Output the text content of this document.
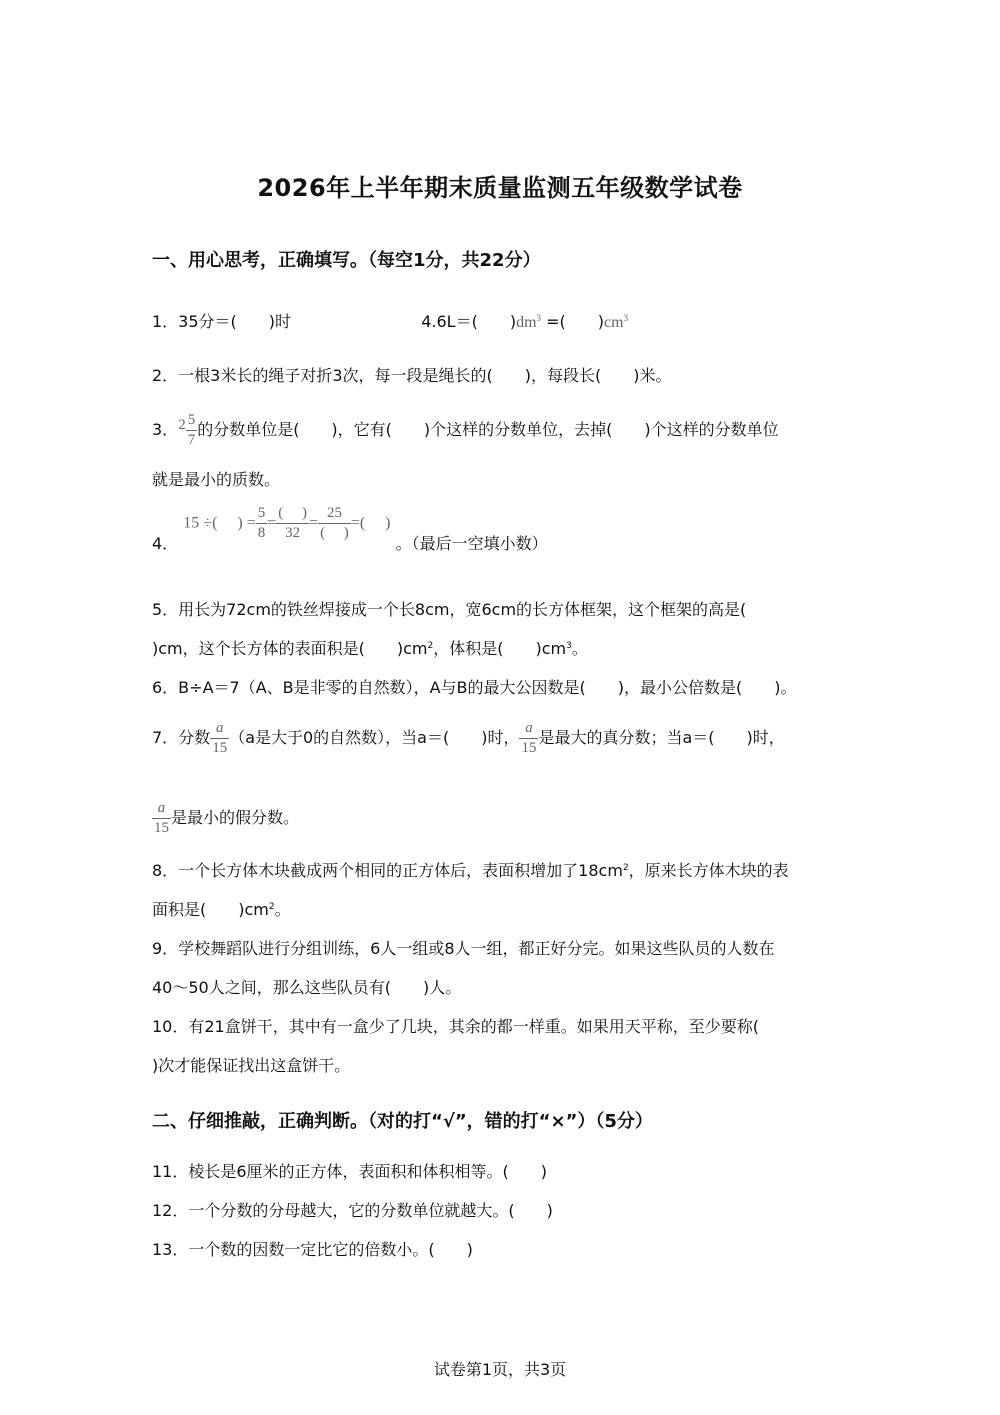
2026年上半年期末质量监测五年级数学试卷
一、用心思考，正确填写。（每空1分，共22分）
1．35分＝(　　)时	4.6L＝(　　)$dm^3$ =(　　)$cm^3$
2．一根3米长的绳子对折3次，每一段是绳长的(　　)，每段长(　　)米。
3．$2 \frac{5}{7}$ 的分数单位是(　　)，它有(　　)个这样的分数单位，去掉(　　)个这样的分数单位
就是最小的质数。
4． 15 ÷(　 ) = $\frac{5}{8} = \frac{( )}{32} = \frac{25}{( )}$ =(　 ) 。（最后一空填小数）
5．用长为72cm的铁丝焊接成一个长8cm，宽6cm的长方体框架，这个框架的高是(
)cm，这个长方体的表面积是(　　)$cm^2$，体积是(　　)$cm^3$。
6．B÷A＝7（A、B是非零的自然数），A与B的最大公因数是(　　)，最小公倍数是(　　)。
7．分数 $\frac{a}{15} (a$是大于0的自然数），当a＝(　　)时， $\frac{a}{15}$ 是最大的真分数；当a＝(　　)时，
$\frac{a}{15}$ 是最小的假分数。
8．一个长方体木块截成两个相同的正方体后，表面积增加了$18cm^2$，原来长方体木块的表
面积是(　　)$cm^2$。
9．学校舞蹈队进行分组训练，6人一组或8人一组，都正好分完。如果这些队员的人数在
40～50人之间，那么这些队员有(　　)人。
10．有21盒饼干，其中有一盒少了几块，其余的都一样重。如果用天平称，至少要称(
)次才能保证找出这盒饼干。
二、仔细推敲，正确判断。（对的打“√”，错的打“×”）（5分）
11．棱长是6厘米的正方体，表面积和体积相等。(　　)
12．一个分数的分母越大，它的分数单位就越大。(　　)
13．一个数的因数一定比它的倍数小。(　　)
试卷第1页，共3页
